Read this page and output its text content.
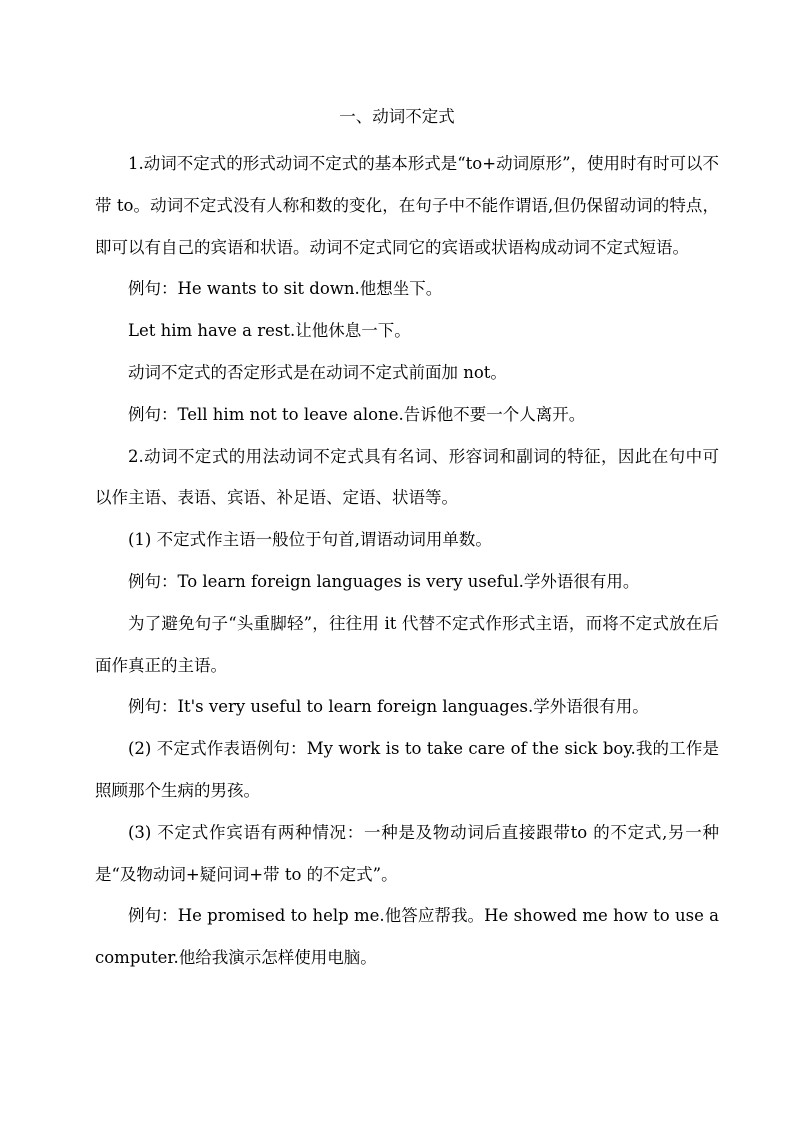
一、动词不定式

1.动词不定式的形式动词不定式的基本形式是“to+动词原形”，使用时有时可以不带 to。动词不定式没有人称和数的变化，在句子中不能作谓语,但仍保留动词的特点，即可以有自己的宾语和状语。动词不定式同它的宾语或状语构成动词不定式短语。

例句：He wants to sit down.他想坐下。

Let him have a rest.让他休息一下。

动词不定式的否定形式是在动词不定式前面加 not。

例句：Tell him not to leave alone.告诉他不要一个人离开。

2.动词不定式的用法动词不定式具有名词、形容词和副词的特征，因此在句中可以作主语、表语、宾语、补足语、定语、状语等。

(1) 不定式作主语一般位于句首,谓语动词用单数。

例句：To learn foreign languages is very useful.学外语很有用。

为了避免句子“头重脚轻”，往往用 it 代替不定式作形式主语，而将不定式放在后面作真正的主语。

例句：It's very useful to learn foreign languages.学外语很有用。

(2) 不定式作表语例句：My work is to take care of the sick boy.我的工作是照顾那个生病的男孩。

(3) 不定式作宾语有两种情况：一种是及物动词后直接跟带to 的不定式,另一种是“及物动词+疑问词+带 to 的不定式”。

例句：He promised to help me.他答应帮我。He showed me how to use a computer.他给我演示怎样使用电脑。
